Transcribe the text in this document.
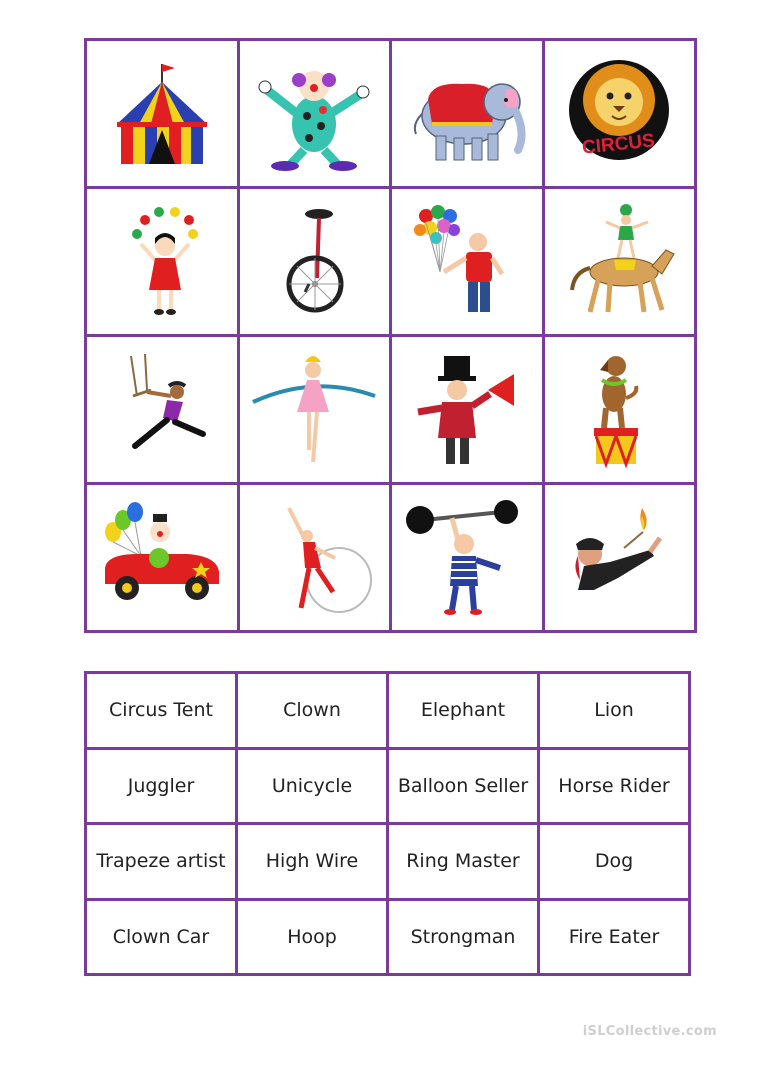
CIRCUS
Circus Tent	Clown	Elephant	Lion
Juggler	Unicycle	Balloon Seller	Horse Rider
Trapeze artist	High Wire	Ring Master	Dog
Clown Car	Hoop	Strongman	Fire Eater
iSLCollective.com
